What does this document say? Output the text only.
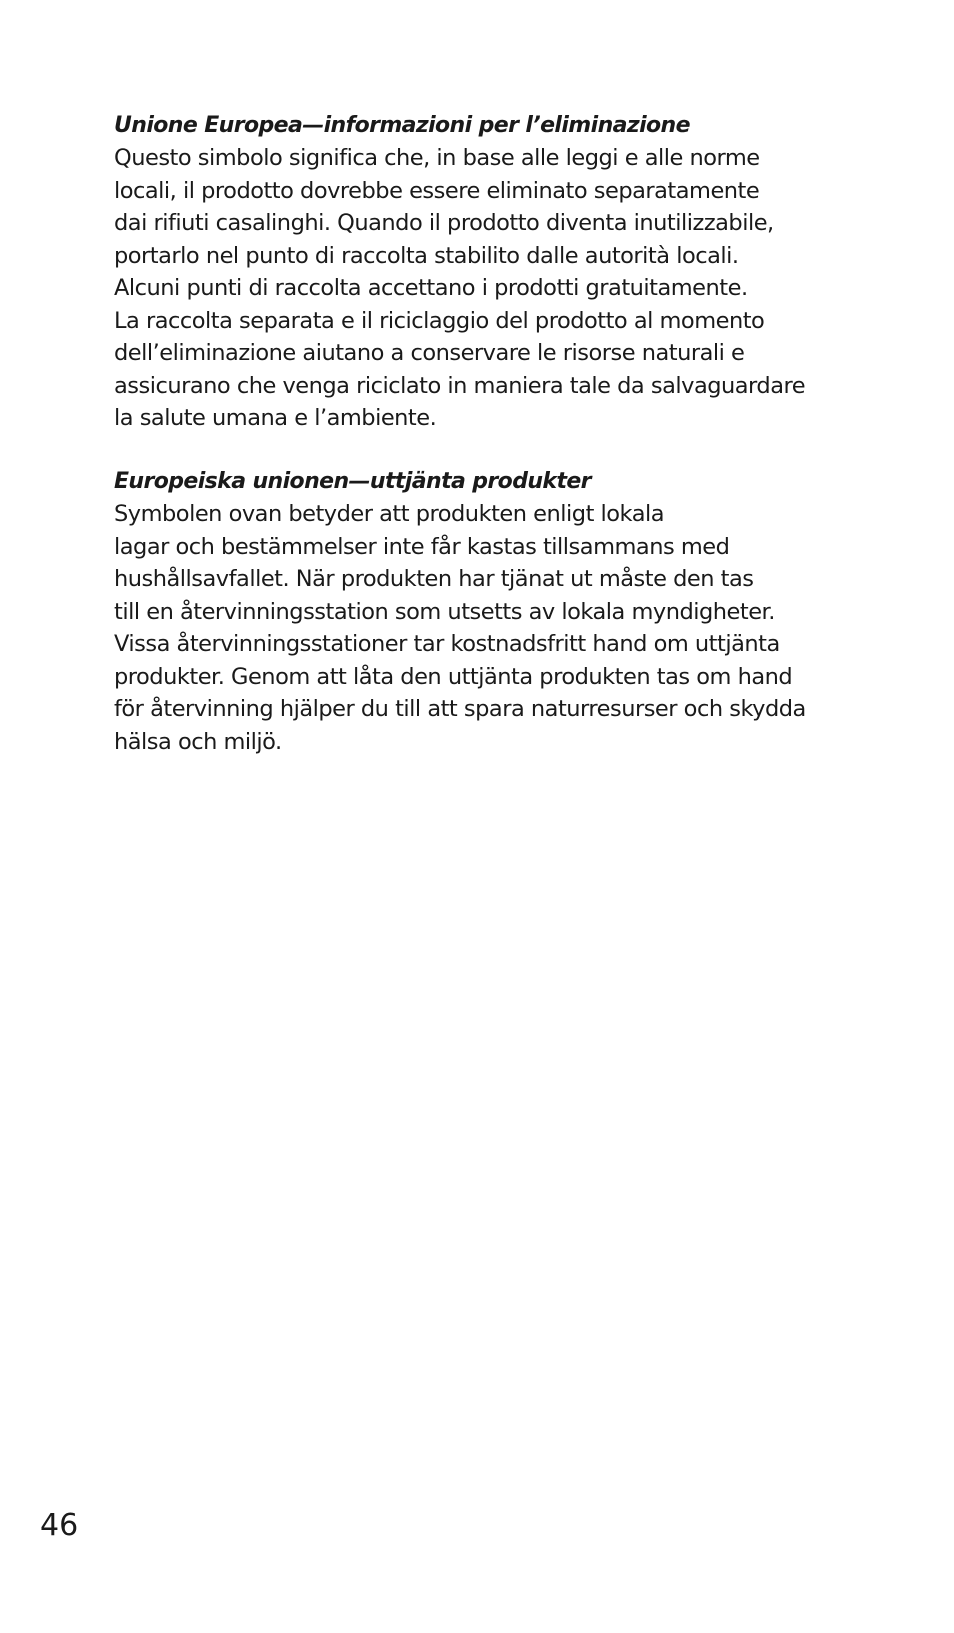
Unione Europea—informazioni per l’eliminazione
Questo simbolo significa che, in base alle leggi e alle norme
locali, il prodotto dovrebbe essere eliminato separatamente
dai rifiuti casalinghi. Quando il prodotto diventa inutilizzabile,
portarlo nel punto di raccolta stabilito dalle autorità locali.
Alcuni punti di raccolta accettano i prodotti gratuitamente.
La raccolta separata e il riciclaggio del prodotto al momento
dell’eliminazione aiutano a conservare le risorse naturali e
assicurano che venga riciclato in maniera tale da salvaguardare
la salute umana e l’ambiente.
Europeiska unionen—uttjänta produkter
Symbolen ovan betyder att produkten enligt lokala
lagar och bestämmelser inte får kastas tillsammans med
hushållsavfallet. När produkten har tjänat ut måste den tas
till en återvinningsstation som utsetts av lokala myndigheter.
Vissa återvinningsstationer tar kostnadsfritt hand om uttjänta
produkter. Genom att låta den uttjänta produkten tas om hand
för återvinning hjälper du till att spara naturresurser och skydda
hälsa och miljö.
46
